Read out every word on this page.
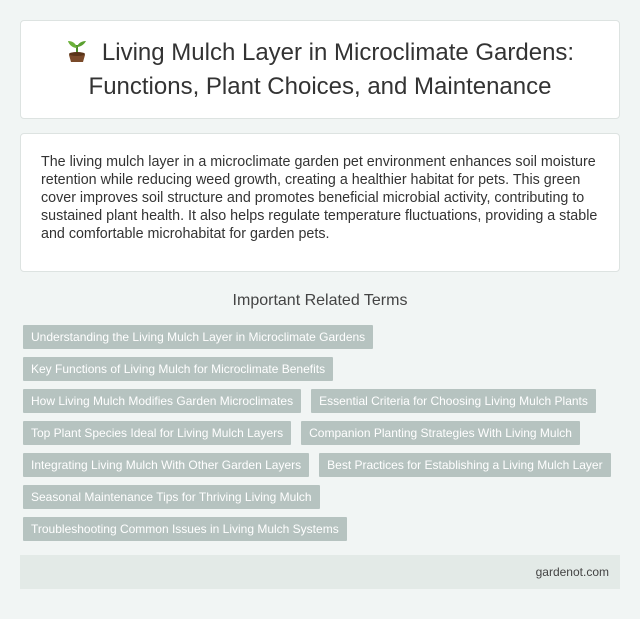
Living Mulch Layer in Microclimate Gardens: Functions, Plant Choices, and Maintenance

The living mulch layer in a microclimate garden pet environment enhances soil moisture retention while reducing weed growth, creating a healthier habitat for pets. This green cover improves soil structure and promotes beneficial microbial activity, contributing to sustained plant health. It also helps regulate temperature fluctuations, providing a stable and comfortable microhabitat for garden pets.

Important Related Terms
Understanding the Living Mulch Layer in Microclimate Gardens
Key Functions of Living Mulch for Microclimate Benefits
How Living Mulch Modifies Garden Microclimates	Essential Criteria for Choosing Living Mulch Plants
Top Plant Species Ideal for Living Mulch Layers	Companion Planting Strategies With Living Mulch
Integrating Living Mulch With Other Garden Layers	Best Practices for Establishing a Living Mulch Layer
Seasonal Maintenance Tips for Thriving Living Mulch
Troubleshooting Common Issues in Living Mulch Systems
gardenot.com
